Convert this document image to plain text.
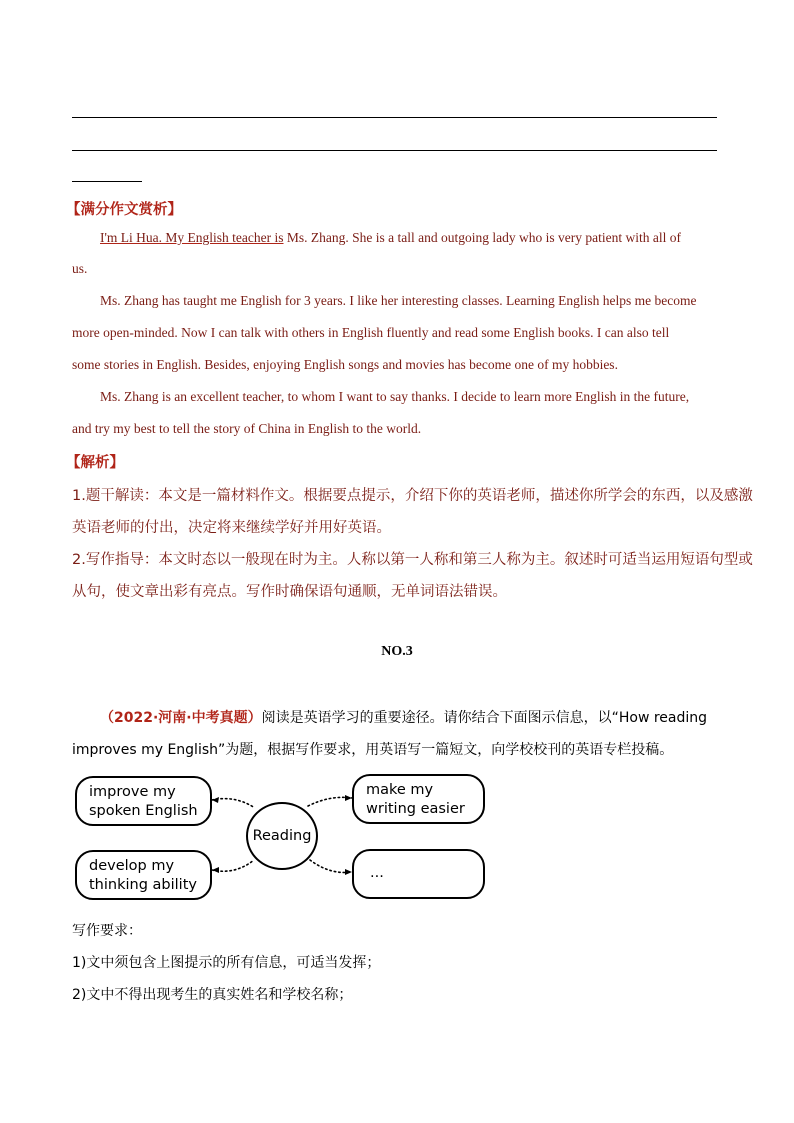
【满分作文赏析】
I'm Li Hua. My English teacher is Ms. Zhang. She is a tall and outgoing lady who is very patient with all of
us.
Ms. Zhang has taught me English for 3 years. I like her interesting classes. Learning English helps me become
more open-minded. Now I can talk with others in English fluently and read some English books. I can also tell
some stories in English. Besides, enjoying English songs and movies has become one of my hobbies.
Ms. Zhang is an excellent teacher, to whom I want to say thanks. I decide to learn more English in the future,
and try my best to tell the story of China in English to the world.
【解析】
1.题干解读：本文是一篇材料作文。根据要点提示，介绍下你的英语老师，描述你所学会的东西，以及感激
英语老师的付出，决定将来继续学好并用好英语。
2.写作指导：本文时态以一般现在时为主。人称以第一人称和第三人称为主。叙述时可适当运用短语句型或
从句，使文章出彩有亮点。写作时确保语句通顺，无单词语法错误。
NO.3
（2022·河南·中考真题）阅读是英语学习的重要途径。请你结合下面图示信息，以“How reading
improves my English”为题，根据写作要求，用英语写一篇短文，向学校校刊的英语专栏投稿。
improve my
spoken English
make my
writing easier
develop my
thinking ability
...
Reading
写作要求：
1)文中须包含上图提示的所有信息，可适当发挥；
2)文中不得出现考生的真实姓名和学校名称；
